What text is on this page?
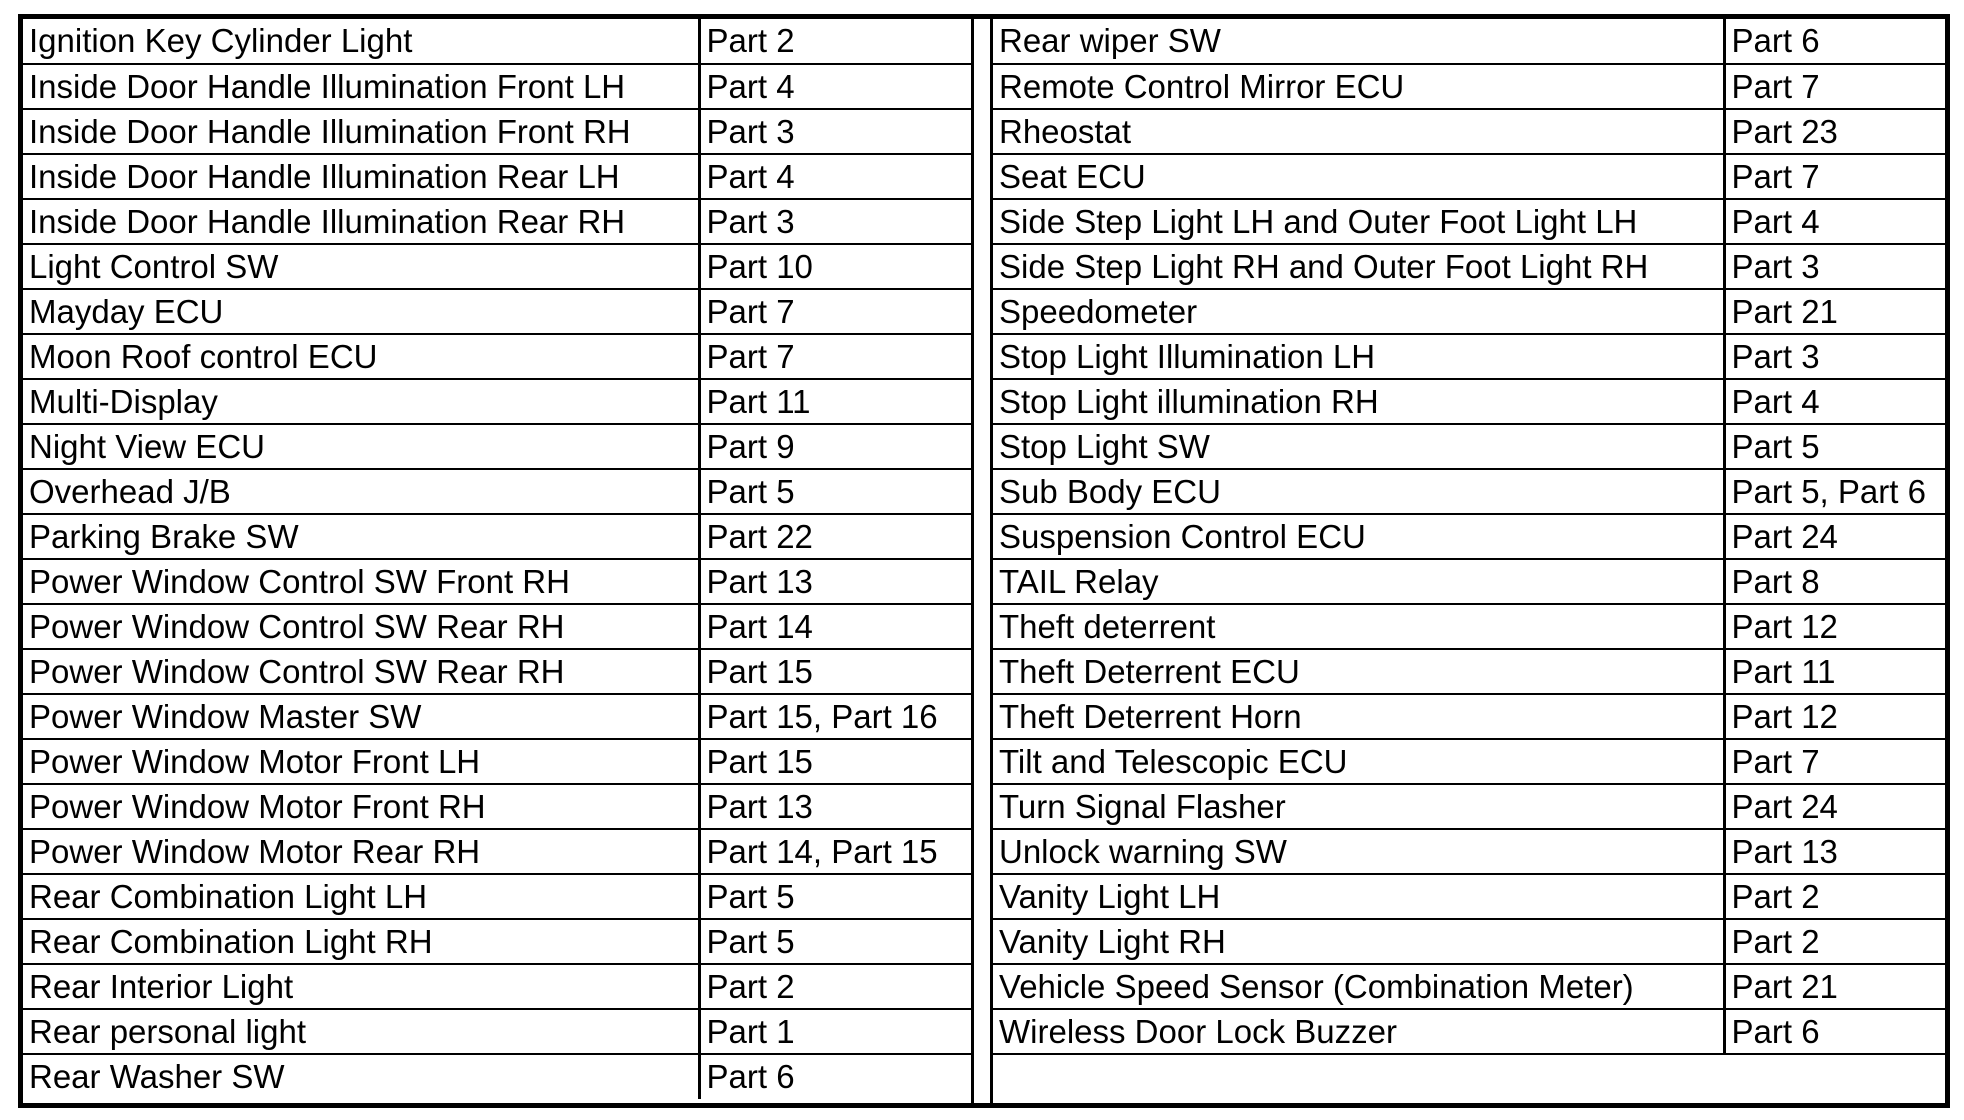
Ignition Key Cylinder Light	Part 2
Inside Door Handle Illumination Front LH	Part 4
Inside Door Handle Illumination Front RH	Part 3
Inside Door Handle Illumination Rear LH	Part 4
Inside Door Handle Illumination Rear RH	Part 3
Light Control SW	Part 10
Mayday ECU	Part 7
Moon Roof control ECU	Part 7
Multi-Display	Part 11
Night View ECU	Part 9
Overhead J/B	Part 5
Parking Brake SW	Part 22
Power Window Control SW Front RH	Part 13
Power Window Control SW Rear RH	Part 14
Power Window Control SW Rear RH	Part 15
Power Window Master SW	Part 15, Part 16
Power Window Motor Front LH	Part 15
Power Window Motor Front RH	Part 13
Power Window Motor Rear RH	Part 14, Part 15
Rear Combination Light LH	Part 5
Rear Combination Light RH	Part 5
Rear Interior Light	Part 2
Rear personal light	Part 1
Rear Washer SW	Part 6
Rear wiper SW	Part 6
Remote Control Mirror ECU	Part 7
Rheostat	Part 23
Seat ECU	Part 7
Side Step Light LH and Outer Foot Light LH	Part 4
Side Step Light RH and Outer Foot Light RH	Part 3
Speedometer	Part 21
Stop Light Illumination LH	Part 3
Stop Light illumination RH	Part 4
Stop Light SW	Part 5
Sub Body ECU	Part 5, Part 6
Suspension Control ECU	Part 24
TAIL Relay	Part 8
Theft deterrent	Part 12
Theft Deterrent ECU	Part 11
Theft Deterrent Horn	Part 12
Tilt and Telescopic ECU	Part 7
Turn Signal Flasher	Part 24
Unlock warning SW	Part 13
Vanity Light LH	Part 2
Vanity Light RH	Part 2
Vehicle Speed Sensor (Combination Meter)	Part 21
Wireless Door Lock Buzzer	Part 6
